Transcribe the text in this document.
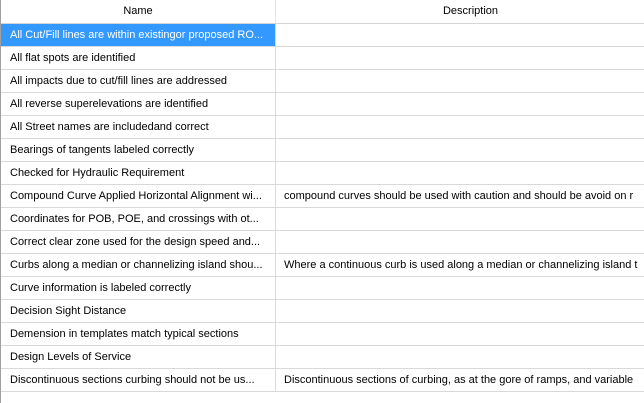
Name	Description
All Cut/Fill lines are within existingor proposed RO...
All flat spots are identified
All impacts due to cut/fill lines are addressed
All reverse superelevations are identified
All Street names are includedand correct
Bearings of tangents labeled correctly
Checked for Hydraulic Requirement
Compound Curve Applied Horizontal Alignment wi...	compound curves should be used with caution and should be avoid on r
Coordinates for POB, POE, and crossings with ot...
Correct clear zone used for the design speed and...
Curbs along a median or channelizing island shou...	Where a continuous curb is used along a median or channelizing island t
Curve information is labeled correctly
Decision Sight Distance
Demension in templates match typical sections
Design Levels of Service
Discontinuous sections curbing should not be us...	Discontinuous sections of curbing, as at the gore of ramps, and variable
